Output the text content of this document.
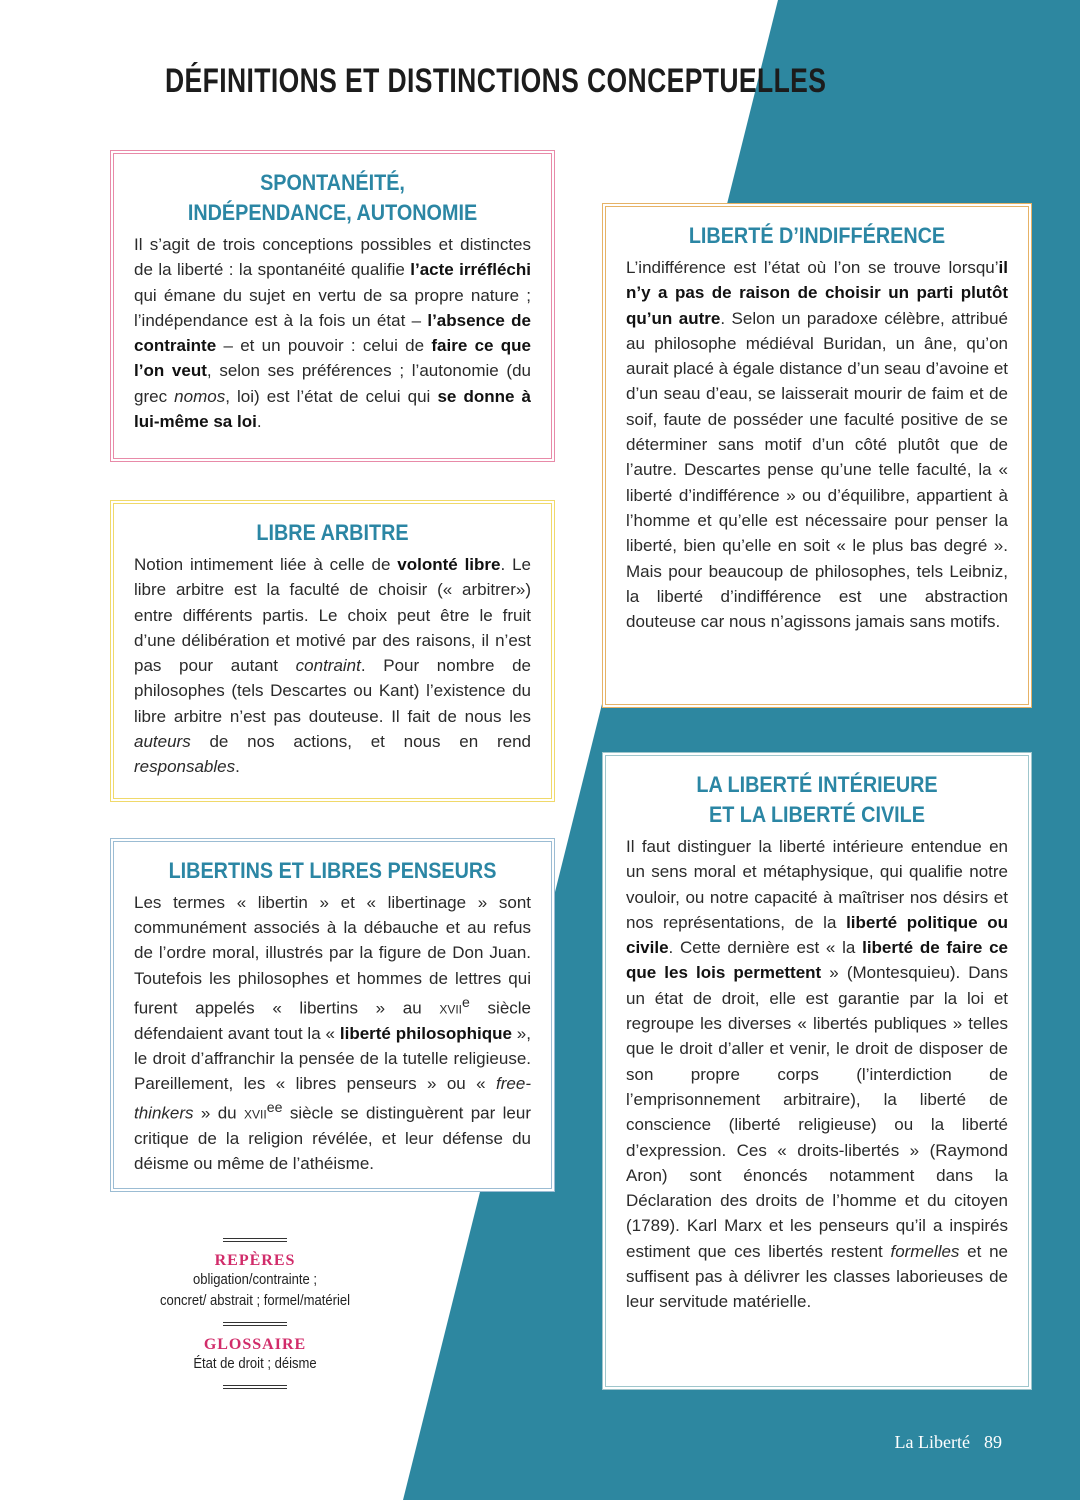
DÉFINITIONS ET DISTINCTIONS CONCEPTUELLES
SPONTANÉITÉ,
INDÉPENDANCE, AUTONOMIE

Il s’agit de trois conceptions possibles et distinctes de la liberté : la spontanéité qualifie l’acte irréfléchi qui émane du sujet en vertu de sa propre nature ; l’indépendance est à la fois un état – l’absence de contrainte – et un pouvoir : celui de faire ce que l’on veut, selon ses préférences ; l’autonomie (du grec nomos, loi) est l’état de celui qui se donne à lui-même sa loi.

LIBRE ARBITRE

Notion intimement liée à celle de volonté libre. Le libre arbitre est la faculté de choisir (« arbitrer») entre différents partis. Le choix peut être le fruit d’une délibération et motivé par des raisons, il n’est pas pour autant contraint. Pour nombre de philosophes (tels Descartes ou Kant) l’existence du libre arbitre n’est pas douteuse. Il fait de nous les auteurs de nos actions, et nous en rend responsables.

LIBERTINS ET LIBRES PENSEURS

Les termes « libertin » et « libertinage » sont communément associés à la débauche et au refus de l’ordre moral, illustrés par la figure de Don Juan. Toutefois les philosophes et hommes de lettres qui furent appelés « libertins » au xvii$^e$ siècle défendaient avant tout la « liberté philosophique », le droit d’affranchir la pensée de la tutelle religieuse. Pareillement, les « libres penseurs » ou « free-thinkers » du xvii$^{ee}$ siècle se distinguèrent par leur critique de la religion révélée, et leur défense du déisme ou même de l’athéisme.

LIBERTÉ D’INDIFFÉRENCE

L’indifférence est l’état où l’on se trouve lorsqu’il n’y a pas de raison de choisir un parti plutôt qu’un autre. Selon un paradoxe célèbre, attribué au philosophe médiéval Buridan, un âne, qu’on aurait placé à égale distance d’un seau d’avoine et d’un seau d’eau, se laisserait mourir de faim et de soif, faute de posséder une faculté positive de se déterminer sans motif d’un côté plutôt que de l’autre. Descartes pense qu’une telle faculté, la « liberté d’indifférence » ou d’équilibre, appartient à l’homme et qu’elle est nécessaire pour penser la liberté, bien qu’elle en soit « le plus bas degré ». Mais pour beaucoup de philosophes, tels Leibniz, la liberté d’indifférence est une abstraction douteuse car nous n’agissons jamais sans motifs.

LA LIBERTÉ INTÉRIEURE
ET LA LIBERTÉ CIVILE

Il faut distinguer la liberté intérieure entendue en un sens moral et métaphysique, qui qualifie notre vouloir, ou notre capacité à maîtriser nos désirs et nos représentations, de la liberté politique ou civile. Cette dernière est « la liberté de faire ce que les lois permettent » (Montesquieu). Dans un état de droit, elle est garantie par la loi et regroupe les diverses « libertés publiques » telles que le droit d’aller et venir, le droit de disposer de son propre corps (l’interdiction de l’emprisonnement arbitraire), la liberté de conscience (liberté religieuse) ou la liberté d’expression. Ces « droits-libertés » (Raymond Aron) sont énoncés notamment dans la Déclaration des droits de l’homme et du citoyen (1789). Karl Marx et les penseurs qu’il a inspirés estiment que ces libertés restent formelles et ne suffisent pas à délivrer les classes laborieuses de leur servitude matérielle.

REPÈRES
obligation/contrainte ;
concret/ abstrait ; formel/matériel
GLOSSAIRE
État de droit ; déisme
La Liberté 89
